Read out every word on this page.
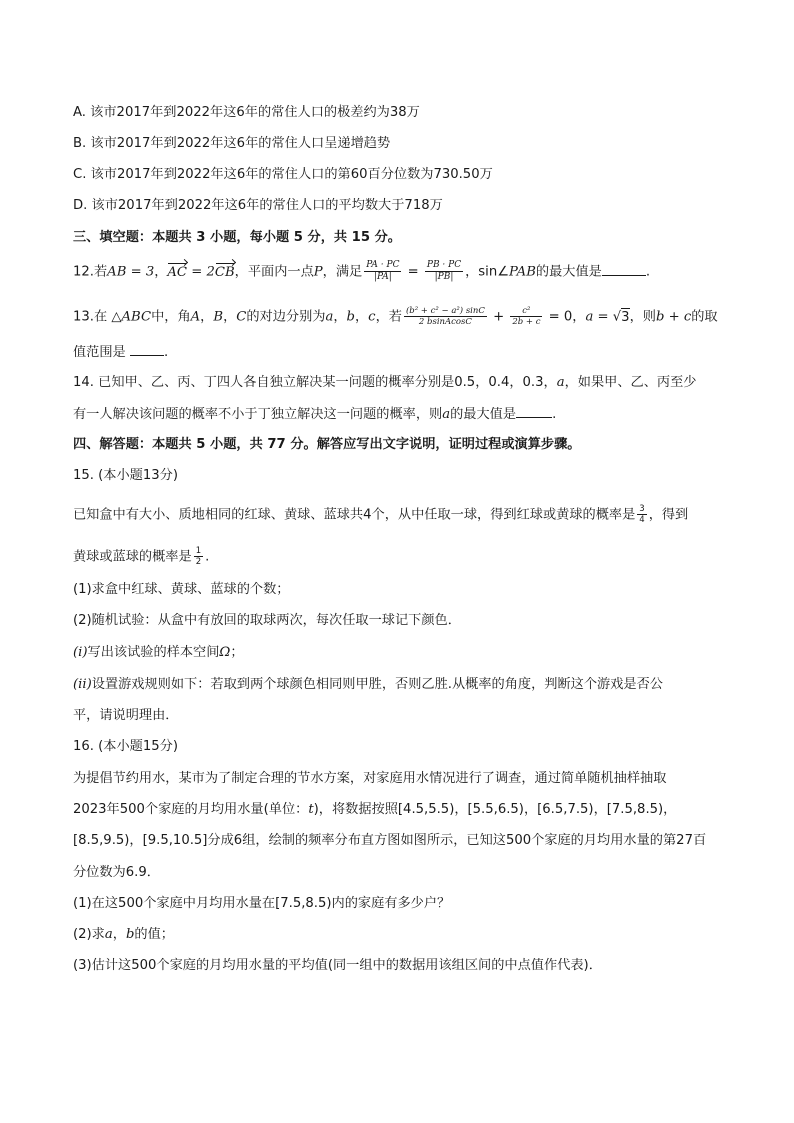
A. 该市2017年到2022年这6年的常住人口的极差约为38万
B. 该市2017年到2022年这6年的常住人口呈递增趋势
C. 该市2017年到2022年这6年的常住人口的第60百分位数为730.50万
D. 该市2017年到2022年这6年的常住人口的平均数大于718万
三、填空题：本题共 3 小题，每小题 5 分，共 15 分。
12.若AB = 3，AC = 2CB，平面内一点P，满足 $\frac{PA \cdot PC}{|PA|} = \frac{PB \cdot PC}{|PB|}$ ，sin∠PAB的最大值是	.
13.在 △ABC中，角A，B，C的对边分别为a，b，c，若 $\frac{\text{(b² + c² − a²) sinC}}{\text{2 bsinAcosC}} + \frac{\text{c²}}{2b + c} = 0$，a = √3，则b + c的取
值范围是	.
14. 已知甲、乙、丙、丁四人各自独立解决某一问题的概率分别是0.5，0.4，0.3，a，如果甲、乙、丙至少
有一人解决该问题的概率不小于丁独立解决这一问题的概率，则a的最大值是	.
四、解答题：本题共 5 小题，共 77 分。解答应写出文字说明，证明过程或演算步骤。
15. (本小题13分)
已知盒中有大小、质地相同的红球、黄球、蓝球共4个，从中任取一球，得到红球或黄球的概率是 $\frac{3}{4}$ ，得到
黄球或蓝球的概率是 $\frac{1}{2}$ .
(1)求盒中红球、黄球、蓝球的个数；
(2)随机试验：从盒中有放回的取球两次，每次任取一球记下颜色．
(i)写出该试验的样本空间Ω；
(ii)设置游戏规则如下：若取到两个球颜色相同则甲胜，否则乙胜.从概率的角度，判断这个游戏是否公
平，请说明理由．
16. (本小题15分)
为提倡节约用水，某市为了制定合理的节水方案，对家庭用水情况进行了调查，通过简单随机抽样抽取
2023年500个家庭的月均用水量(单位：t)，将数据按照[4.5,5.5)，[5.5,6.5)，[6.5,7.5)，[7.5,8.5)，
[8.5,9.5)，[9.5,10.5]分成6组，绘制的频率分布直方图如图所示，已知这500个家庭的月均用水量的第27百
分位数为6.9．
(1)在这500个家庭中月均用水量在[7.5,8.5)内的家庭有多少户？
(2)求a，b的值；
(3)估计这500个家庭的月均用水量的平均值(同一组中的数据用该组区间的中点值作代表)．
